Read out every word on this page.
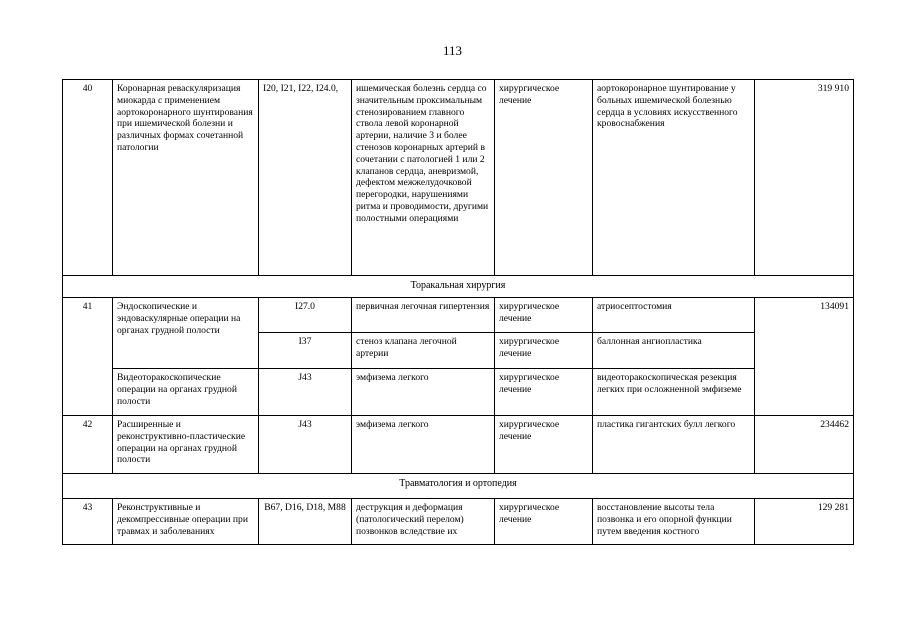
113
40	Коронарная реваскуляризация миокарда с применением аортокоронарного шунтирования при ишемической болезни и различных формах сочетанной патологии	I20, I21, I22, I24.0,	ишемическая болезнь сердца со значительным проксимальным стенозированием главного ствола левой коронарной артерии, наличие 3 и более стенозов коронарных артерий в сочетании с патологией 1 или 2 клапанов сердца, аневризмой, дефектом межжелудочковой перегородки, нарушениями ритма и проводимости, другими полостными операциями	хирургическое лечение	аортокоронарное шунтирование у больных ишемической болезнью сердца в условиях искусственного кровоснабжения	319 910
Торакальная хирургия						
41	Эндоскопические и эндоваскулярные операции на органах грудной полости	I27.0	первичная легочная гипертензия	хирургическое лечение	атриосептостомия	134091
		I37	стеноз клапана легочной артерии	хирургическое лечение	баллонная ангиопластика	
	Видеоторакоскопические операции на органах грудной полости	J43	эмфизема легкого	хирургическое лечение	видеоторакоскопическая резекция легких при осложненной эмфиземе	
42	Расширенные и реконструктивно-пластические операции на органах грудной полости	J43	эмфизема легкого	хирургическое лечение	пластика гигантских булл легкого	234462
Травматология и ортопедия						
43	Реконструктивные и декомпрессивные операции при травмах и заболеваниях	B67, D16, D18, M88	деструкция и деформация (патологический перелом) позвонков вследствие их	хирургическое лечение	восстановление высоты тела позвонка и его опорной функции путем введения костного	129 281
